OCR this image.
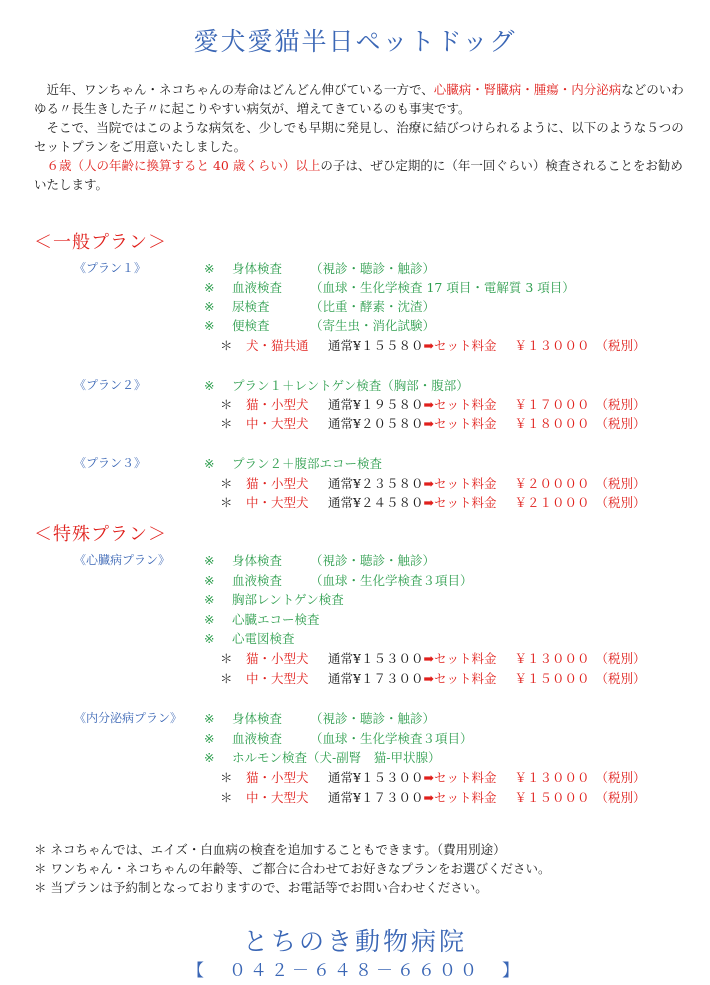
愛犬愛猫半日ペットドッグ

　近年、ワンちゃん・ネコちゃんの寿命はどんどん伸びている一方で、心臓病・腎臓病・腫瘍・内分泌病などのいわゆる〃長生きした子〃に起こりやすい病気が、増えてきているのも事実です。

　そこで、当院ではこのような病気を、少しでも早期に発見し、治療に結びつけられるように、以下のような５つのセットプランをご用意いたしました。

　６歳（人の年齢に換算すると 40 歳くらい）以上の子は、ぜひ定期的に（年一回ぐらい）検査されることをお勧めいたします。

＜一般プラン＞
《プラン１》	※ 身体検査 （視診・聴診・触診）
※ 血液検査 （血球・生化学検査 17 項目・電解質 3 項目）
※ 尿検査	（比重・酵素・沈渣）
※ 便検査	（寄生虫・消化試験）
＊ 犬・猫共通 通常¥１５５８０➡セット料金 ￥１３０００ （税別）
《プラン２》	※ プラン１＋レントゲン検査（胸部・腹部）
＊ 猫・小型犬 通常¥１９５８０➡セット料金 ￥１７０００ （税別）
＊ 中・大型犬 通常¥２０５８０➡セット料金 ￥１８０００ （税別）
《プラン３》	※ プラン２＋腹部エコー検査
＊ 猫・小型犬 通常¥２３５８０➡セット料金 ￥２００００ （税別）
＊ 中・大型犬 通常¥２４５８０➡セット料金 ￥２１０００ （税別）
＜特殊プラン＞
《心臓病プラン》	※ 身体検査 （視診・聴診・触診）
※ 血液検査 （血球・生化学検査３項目）
※ 胸部レントゲン検査
※ 心臓エコー検査
※ 心電図検査
＊ 猫・小型犬 通常¥１５３００➡セット料金 ￥１３０００ （税別）
＊ 中・大型犬 通常¥１７３００➡セット料金 ￥１５０００ （税別）
《内分泌病プラン》 ※ 身体検査 （視診・聴診・触診）
※ 血液検査 （血球・生化学検査３項目）
※ ホルモン検査（犬-副腎　猫-甲状腺）
＊ 猫・小型犬 通常¥１５３００➡セット料金 ￥１３０００ （税別）
＊ 中・大型犬 通常¥１７３００➡セット料金 ￥１５０００ （税別）
＊ ネコちゃんでは、エイズ・白血病の検査を追加することもできます。（費用別途）
＊ ワンちゃん・ネコちゃんの年齢等、ご都合に合わせてお好きなプランをお選びください。
＊ 当プランは予約制となっておりますので、お電話等でお問い合わせください。
とちのき動物病院
【　０４２－６４８－６６００　】
